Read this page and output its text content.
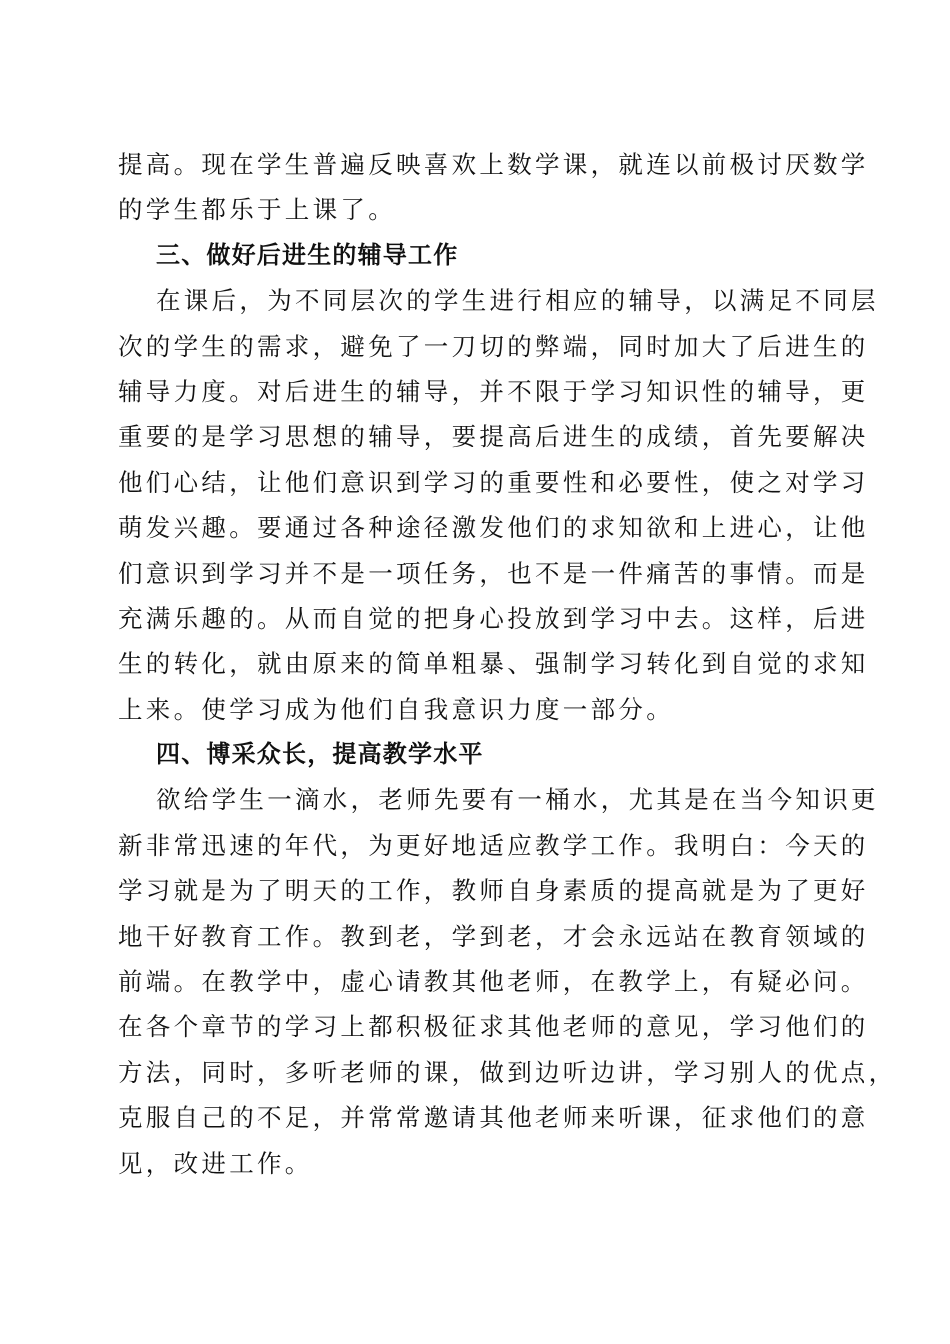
提高。现在学生普遍反映喜欢上数学课，就连以前极讨厌数学
的学生都乐于上课了。
三、做好后进生的辅导工作
在课后，为不同层次的学生进行相应的辅导，以满足不同层
次的学生的需求，避免了一刀切的弊端，同时加大了后进生的
辅导力度。对后进生的辅导，并不限于学习知识性的辅导，更
重要的是学习思想的辅导，要提高后进生的成绩，首先要解决
他们心结，让他们意识到学习的重要性和必要性，使之对学习
萌发兴趣。要通过各种途径激发他们的求知欲和上进心，让他
们意识到学习并不是一项任务，也不是一件痛苦的事情。而是
充满乐趣的。从而自觉的把身心投放到学习中去。这样，后进
生的转化，就由原来的简单粗暴、强制学习转化到自觉的求知
上来。使学习成为他们自我意识力度一部分。
四、博采众长，提高教学水平
欲给学生一滴水，老师先要有一桶水，尤其是在当今知识更
新非常迅速的年代，为更好地适应教学工作。我明白：今天的
学习就是为了明天的工作，教师自身素质的提高就是为了更好
地干好教育工作。教到老，学到老，才会永远站在教育领域的
前端。在教学中，虚心请教其他老师，在教学上，有疑必问。
在各个章节的学习上都积极征求其他老师的意见，学习他们的
方法，同时，多听老师的课，做到边听边讲，学习别人的优点，
克服自己的不足，并常常邀请其他老师来听课，征求他们的意
见，改进工作。
